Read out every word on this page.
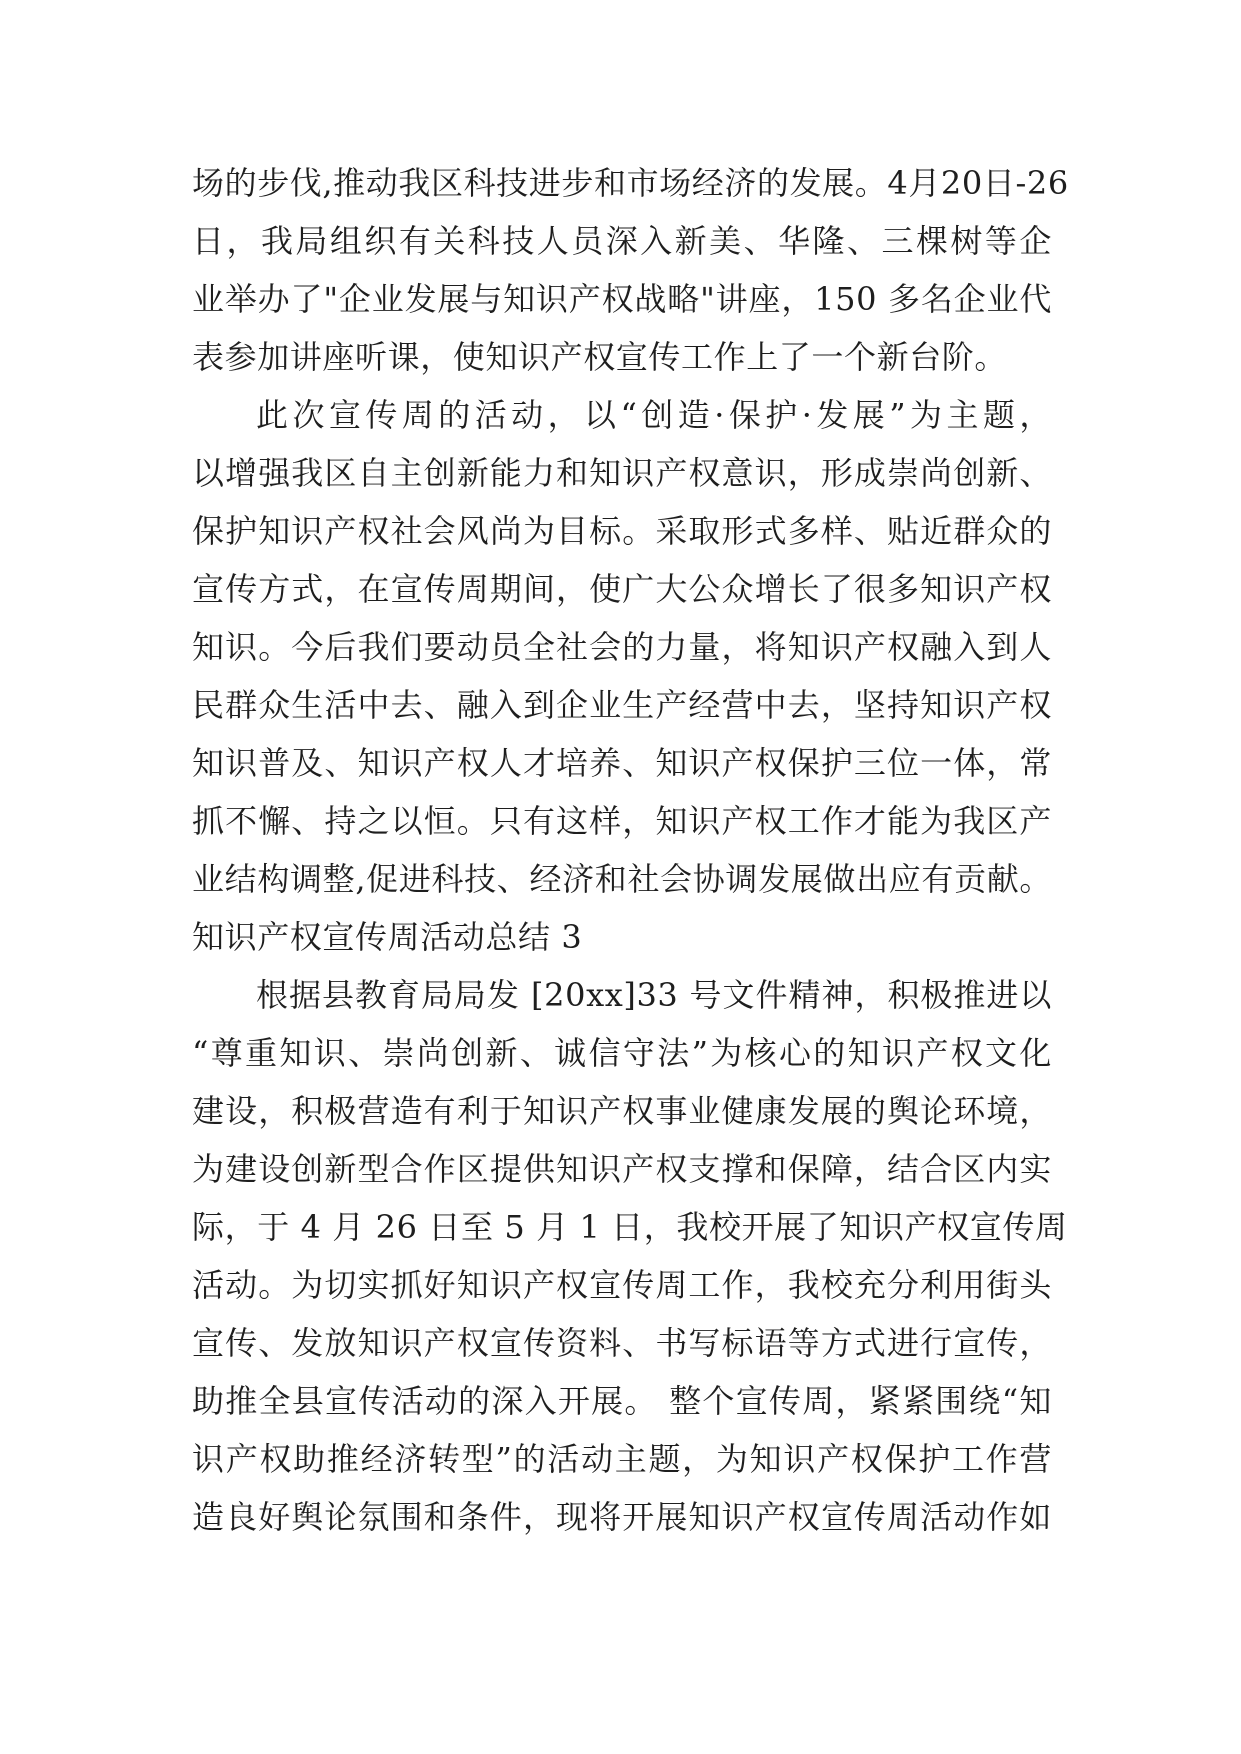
场的步伐,推动我区科技进步和市场经济的发展。4月20日-26
日，我局组织有关科技人员深入新美、华隆、三棵树等企
业举办了"企业发展与知识产权战略"讲座，150 多名企业代
表参加讲座听课，使知识产权宣传工作上了一个新台阶。
此次宣传周的活动，以“创造·保护·发展”为主题，
以增强我区自主创新能力和知识产权意识，形成崇尚创新、
保护知识产权社会风尚为目标。采取形式多样、贴近群众的
宣传方式，在宣传周期间，使广大公众增长了很多知识产权
知识。今后我们要动员全社会的力量，将知识产权融入到人
民群众生活中去、融入到企业生产经营中去，坚持知识产权
知识普及、知识产权人才培养、知识产权保护三位一体，常
抓不懈、持之以恒。只有这样，知识产权工作才能为我区产
业结构调整,促进科技、经济和社会协调发展做出应有贡献。
知识产权宣传周活动总结 3
根据县教育局局发 [20xx]33 号文件精神，积极推进以
“尊重知识、崇尚创新、诚信守法”为核心的知识产权文化
建设，积极营造有利于知识产权事业健康发展的舆论环境，
为建设创新型合作区提供知识产权支撑和保障，结合区内实
际，于 4 月 26 日至 5 月 1 日，我校开展了知识产权宣传周
活动。为切实抓好知识产权宣传周工作，我校充分利用街头
宣传、发放知识产权宣传资料、书写标语等方式进行宣传，
助推全县宣传活动的深入开展。 整个宣传周，紧紧围绕“知
识产权助推经济转型”的活动主题，为知识产权保护工作营
造良好舆论氛围和条件，现将开展知识产权宣传周活动作如
